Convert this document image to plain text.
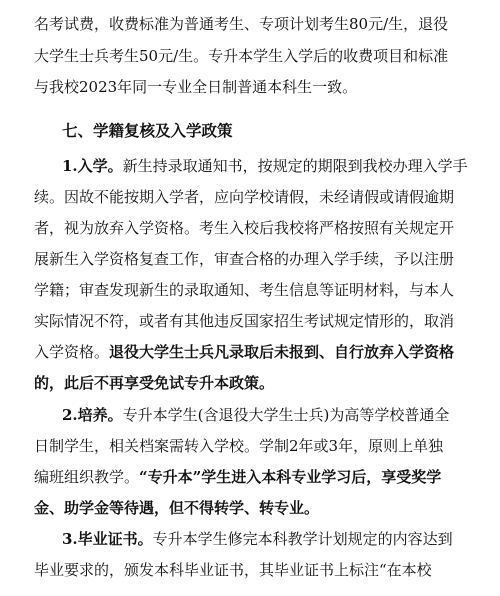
名考试费，收费标准为普通考生、专项计划考生80元/生，退役
大学生士兵考生50元/生。专升本学生入学后的收费项目和标准
与我校2023年同一专业全日制普通本科生一致。
七、学籍复核及入学政策
1.入学。新生持录取通知书，按规定的期限到我校办理入学手
续。因故不能按期入学者，应向学校请假，未经请假或请假逾期
者，视为放弃入学资格。考生入校后我校将严格按照有关规定开
展新生入学资格复查工作，审查合格的办理入学手续，予以注册
学籍；审查发现新生的录取通知、考生信息等证明材料，与本人
实际情况不符，或者有其他违反国家招生考试规定情形的，取消
入学资格。退役大学生士兵凡录取后未报到、自行放弃入学资格
的，此后不再享受免试专升本政策。
2.培养。专升本学生(含退役大学生士兵)为高等学校普通全
日制学生，相关档案需转入学校。学制2年或3年，原则上单独
编班组织教学。“专升本”学生进入本科专业学习后，享受奖学
金、助学金等待遇，但不得转学、转专业。
3.毕业证书。专升本学生修完本科教学计划规定的内容达到
毕业要求的，颁发本科毕业证书，其毕业证书上标注“在本校
